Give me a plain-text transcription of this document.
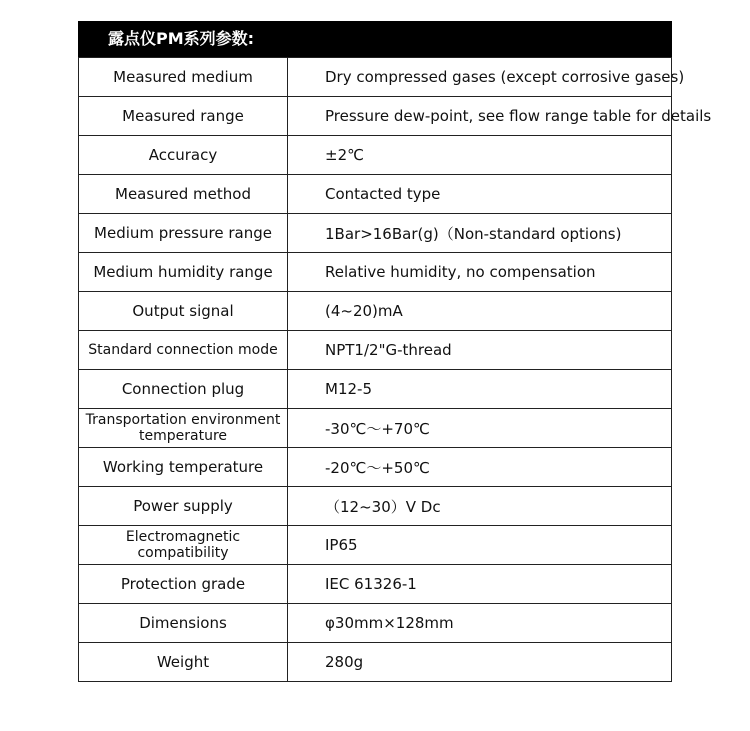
露点仪PM系列参数:
Measured medium	Dry compressed gases (except corrosive gases)
Measured range	Pressure dew-point, see flow range table for details
Accuracy	±2℃
Measured method	Contacted type
Medium pressure range	1Bar>16Bar(g)（Non-standard options)
Medium humidity range	Relative humidity, no compensation
Output signal	(4~20)mA
Standard connection mode	NPT1/2"G-thread
Connection plug	M12-5
Transportation environment temperature	-30℃～+70℃
Working temperature	-20℃～+50℃
Power supply	（12~30）V Dc
Electromagnetic compatibility	IP65
Protection grade	IEC 61326-1
Dimensions	φ30mm×128mm
Weight	280g
